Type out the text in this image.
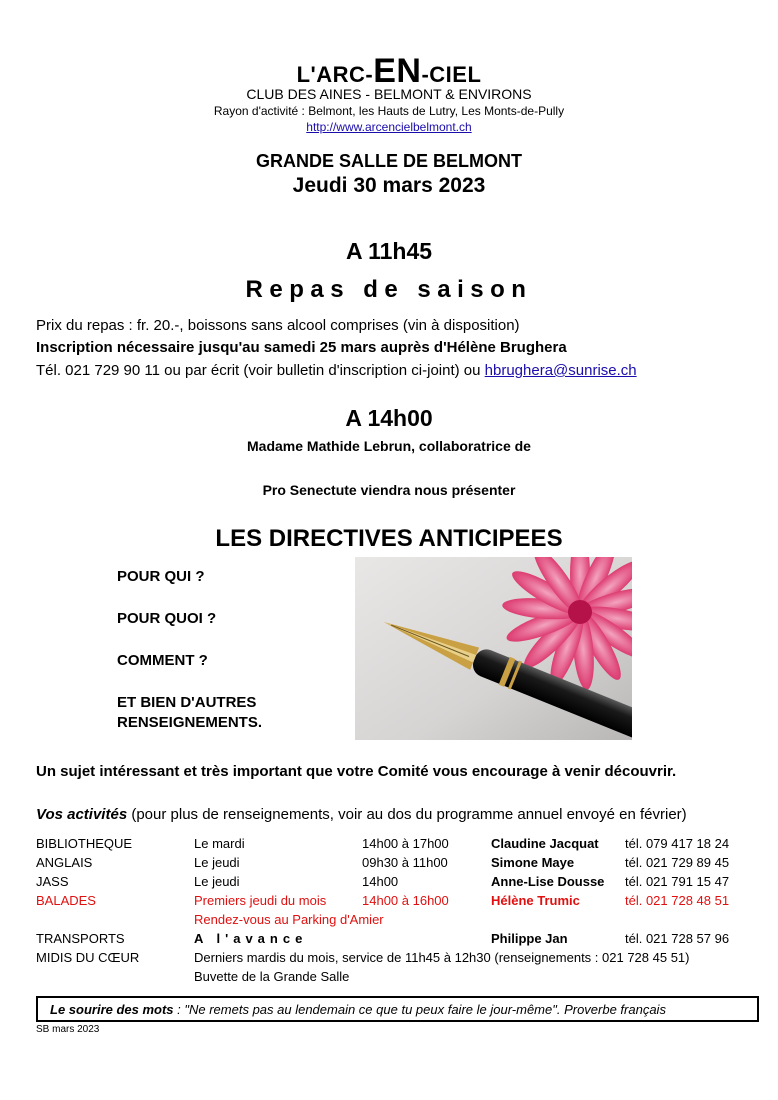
L'ARC-EN-CIEL
CLUB DES AINES - BELMONT & ENVIRONS
Rayon d'activité : Belmont, les Hauts de Lutry, Les Monts-de-Pully
http://www.arcencielbelmont.ch
GRANDE SALLE DE BELMONT
Jeudi 30 mars 2023
A 11h45
Repas de saison
Prix du repas : fr. 20.-, boissons sans alcool comprises (vin à disposition)
Inscription nécessaire jusqu'au samedi 25 mars auprès d'Hélène Brughera
Tél. 021 729 90 11 ou par écrit (voir bulletin d'inscription ci-joint) ou hbrughera@sunrise.ch
A 14h00
Madame Mathide Lebrun, collaboratrice de
Pro Senectute viendra nous présenter
LES DIRECTIVES ANTICIPEES
POUR QUI ?
POUR QUOI ?
COMMENT ?
ET BIEN D'AUTRES RENSEIGNEMENTS.
Un sujet intéressant et très important que votre Comité vous encourage à venir découvrir.
Vos activités (pour plus de renseignements, voir au dos du programme annuel envoyé en février)
BIBLIOTHEQUE	Le mardi	14h00 à 17h00	Claudine Jacquat tél. 079 417 18 24
ANGLAIS	Le jeudi	09h30 à 11h00	Simone Maye	tél. 021 729 89 45
JASS	Le jeudi	14h00	Anne-Lise Dousse tél. 021 791 15 47
BALADES	Premiers jeudi du mois	14h00 à 16h00	Hélène Trumic	tél. 021 728 48 51
Rendez-vous au Parking d'Amier
TRANSPORTS	A l'avance	Philippe Jan	tél. 021 728 57 96
MIDIS DU CŒUR	Derniers mardis du mois, service de 11h45 à 12h30 (renseignements : 021 728 45 51)
Buvette de la Grande Salle
Le sourire des mots : "Ne remets pas au lendemain ce que tu peux faire le jour-même". Proverbe français
SB mars 2023
